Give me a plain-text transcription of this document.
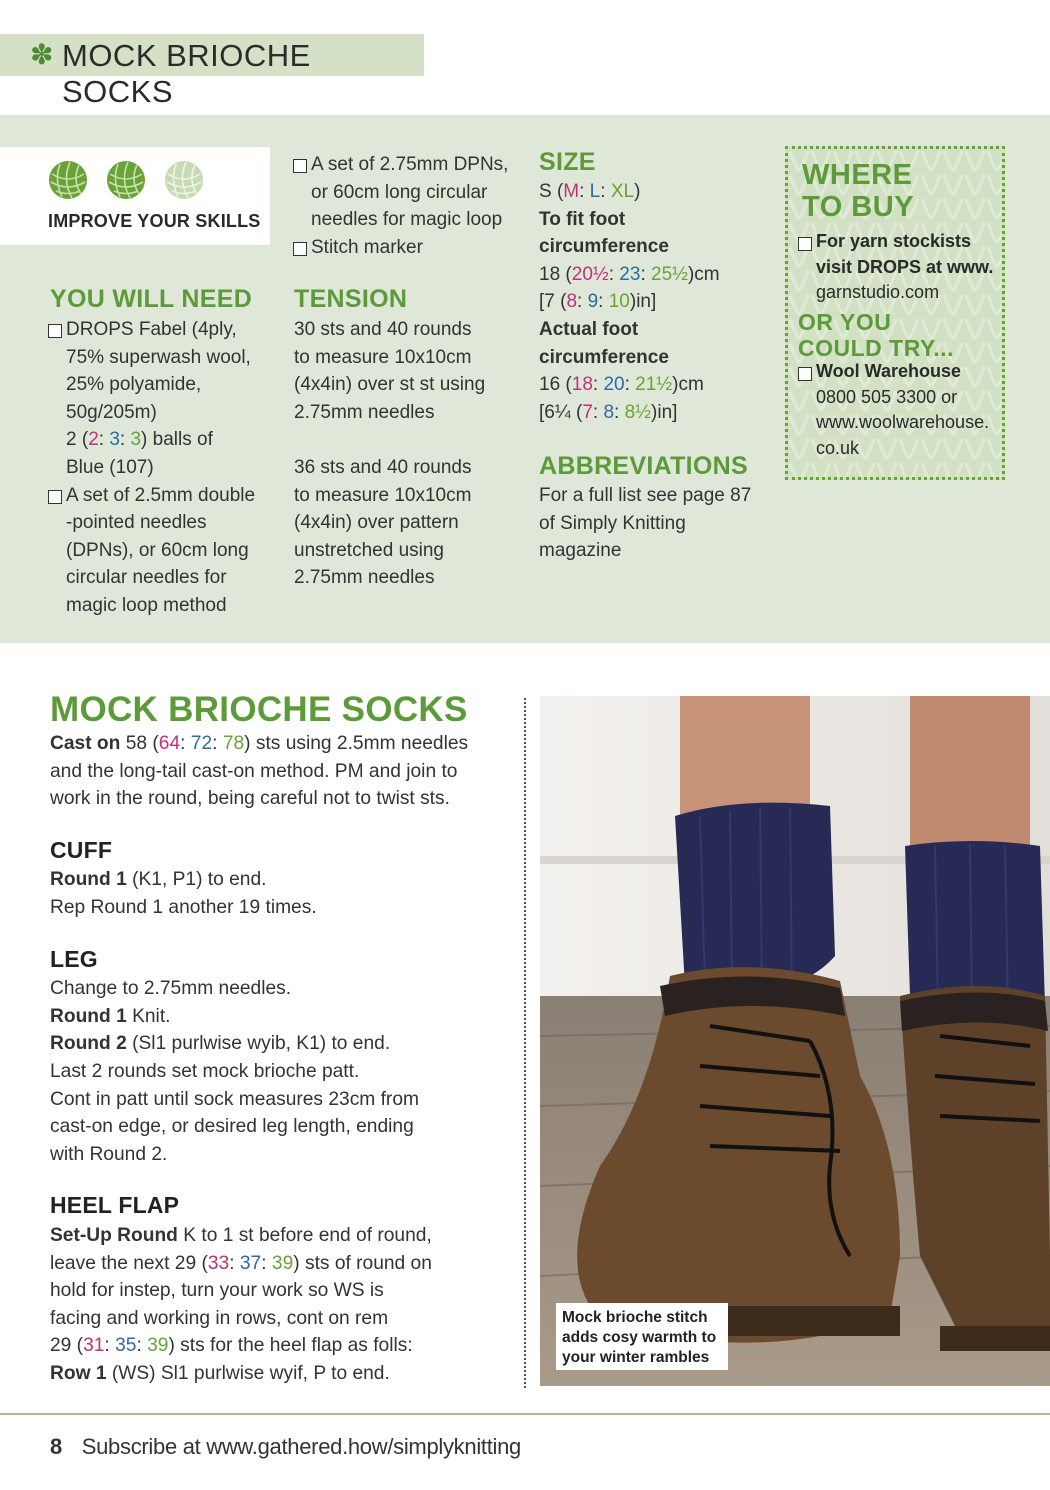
✽ MOCK BRIOCHE SOCKS
IMPROVE YOUR SKILLS
YOU WILL NEED
DROPS Fabel (4ply,
75% superwash wool,
25% polyamide,
50g/205m)
2 (2: 3: 3) balls of
Blue (107)
A set of 2.5mm double
-pointed needles
(DPNs), or 60cm long
circular needles for
magic loop method
A set of 2.75mm DPNs,
or 60cm long circular
needles for magic loop
Stitch marker
TENSION
30 sts and 40 rounds
to measure 10x10cm
(4x4in) over st st using
2.75mm needles
36 sts and 40 rounds
to measure 10x10cm
(4x4in) over pattern
unstretched using
2.75mm needles
SIZE
S (M: L: XL)
To fit foot
circumference
18 (20½: 23: 25½)cm
[7 (8: 9: 10)in]
Actual foot
circumference
16 (18: 20: 21½)cm
[6¼ (7: 8: 8½)in]
ABBREVIATIONS
For a full list see page 87
of Simply Knitting
magazine
WHERE
TO BUY
For yarn stockists
visit DROPS at www.
garnstudio.com
OR YOU
COULD TRY...
Wool Warehouse
0800 505 3300 or
www.woolwarehouse.
co.uk
MOCK BRIOCHE SOCKS
Cast on 58 (64: 72: 78) sts using 2.5mm needles
and the long-tail cast-on method. PM and join to
work in the round, being careful not to twist sts.
CUFF
Round 1 (K1, P1) to end.
Rep Round 1 another 19 times.
LEG
Change to 2.75mm needles.
Round 1 Knit.
Round 2 (Sl1 purlwise wyib, K1) to end.
Last 2 rounds set mock brioche patt.
Cont in patt until sock measures 23cm from
cast-on edge, or desired leg length, ending
with Round 2.
HEEL FLAP
Set-Up Round K to 1 st before end of round,
leave the next 29 (33: 37: 39) sts of round on
hold for instep, turn your work so WS is
facing and working in rows, cont on rem
29 (31: 35: 39) sts for the heel flap as folls:
Row 1 (WS) Sl1 purlwise wyif, P to end.
Mock brioche stitch
adds cosy warmth to
your winter rambles
8 Subscribe at www.gathered.how/simplyknitting
